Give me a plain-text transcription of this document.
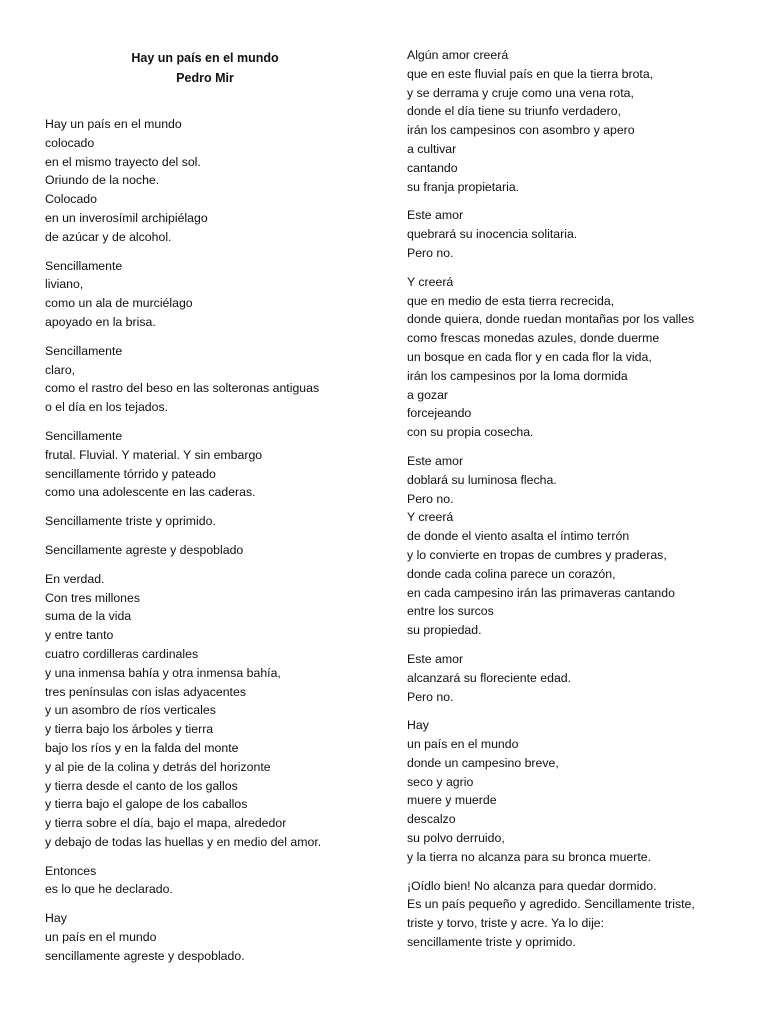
Hay un país en el mundo
Pedro Mir
Hay un país en el mundo
colocado
en el mismo trayecto del sol.
Oriundo de la noche.
Colocado
en un inverosímil archipiélago
de azúcar y de alcohol.
Sencillamente
liviano,
como un ala de murciélago
apoyado en la brisa.
Sencillamente
claro,
como el rastro del beso en las solteronas antiguas
o el día en los tejados.
Sencillamente
frutal. Fluvial. Y material. Y sin embargo
sencillamente tórrido y pateado
como una adolescente en las caderas.
Sencillamente triste y oprimido.
Sencillamente agreste y despoblado
En verdad.
Con tres millones
suma de la vida
y entre tanto
cuatro cordilleras cardinales
y una inmensa bahía y otra inmensa bahía,
tres penínsulas con islas adyacentes
y un asombro de ríos verticales
y tierra bajo los árboles y tierra
bajo los ríos y en la falda del monte
y al pie de la colina y detrás del horizonte
y tierra desde el canto de los gallos
y tierra bajo el galope de los caballos
y tierra sobre el día, bajo el mapa, alrededor
y debajo de todas las huellas y en medio del amor.
Entonces
es lo que he declarado.
Hay
un país en el mundo
sencillamente agreste y despoblado.
Algún amor creerá
que en este fluvial país en que la tierra brota,
y se derrama y cruje como una vena rota,
donde el día tiene su triunfo verdadero,
irán los campesinos con asombro y apero
a cultivar
cantando
su franja propietaria.
Este amor
quebrará su inocencia solitaria.
Pero no.
Y creerá
que en medio de esta tierra recrecida,
donde quiera, donde ruedan montañas por los valles
como frescas monedas azules, donde duerme
un bosque en cada flor y en cada flor la vida,
irán los campesinos por la loma dormida
a gozar
forcejeando
con su propia cosecha.
Este amor
doblará su luminosa flecha.
Pero no.
Y creerá
de donde el viento asalta el íntimo terrón
y lo convierte en tropas de cumbres y praderas,
donde cada colina parece un corazón,
en cada campesino irán las primaveras cantando
entre los surcos
su propiedad.
Este amor
alcanzará su floreciente edad.
Pero no.
Hay
un país en el mundo
donde un campesino breve,
seco y agrio
muere y muerde
descalzo
su polvo derruido,
y la tierra no alcanza para su bronca muerte.
¡Oídlo bien! No alcanza para quedar dormido.
Es un país pequeño y agredido. Sencillamente triste,
triste y torvo, triste y acre. Ya lo dije:
sencillamente triste y oprimido.
